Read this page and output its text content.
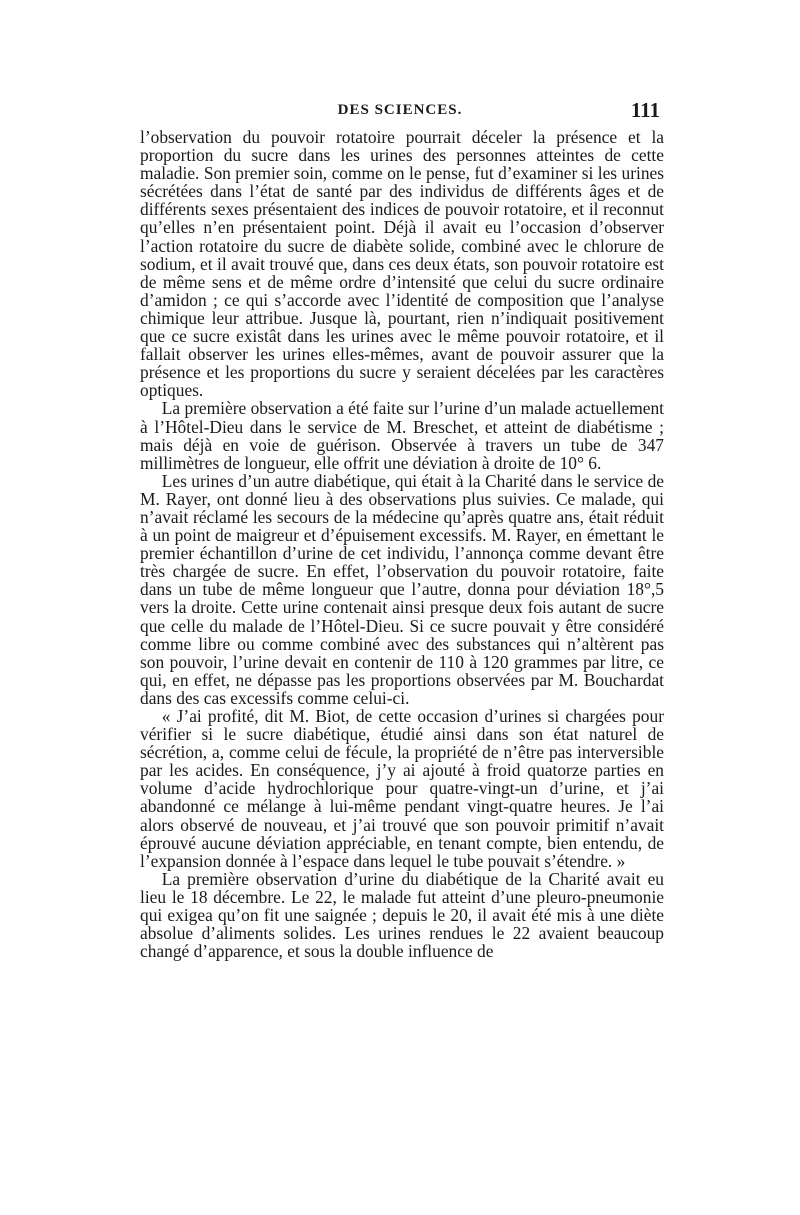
DES SCIENCES.	111

l’observation du pouvoir rotatoire pourrait déceler la présence et la proportion du sucre dans les urines des personnes atteintes de cette maladie. Son premier soin, comme on le pense, fut d’examiner si les urines sécrétées dans l’état de santé par des individus de différents âges et de différents sexes présentaient des indices de pouvoir rotatoire, et il reconnut qu’elles n’en présentaient point. Déjà il avait eu l’occasion d’observer l’action rotatoire du sucre de diabète solide, combiné avec le chlorure de sodium, et il avait trouvé que, dans ces deux états, son pouvoir rotatoire est de même sens et de même ordre d’intensité que celui du sucre ordinaire d’amidon ; ce qui s’accorde avec l’identité de composition que l’analyse chimique leur attribue. Jusque là, pourtant, rien n’indiquait positivement que ce sucre existât dans les urines avec le même pouvoir rotatoire, et il fallait observer les urines elles-mêmes, avant de pouvoir assurer que la présence et les proportions du sucre y seraient décelées par les caractères optiques.

La première observation a été faite sur l’urine d’un malade actuellement à l’Hôtel-Dieu dans le service de M. Breschet, et atteint de diabétisme ; mais déjà en voie de guérison. Observée à travers un tube de 347 millimètres de longueur, elle offrit une déviation à droite de 10° 6.

Les urines d’un autre diabétique, qui était à la Charité dans le service de M. Rayer, ont donné lieu à des observations plus suivies. Ce malade, qui n’avait réclamé les secours de la médecine qu’après quatre ans, était réduit à un point de maigreur et d’épuisement excessifs. M. Rayer, en émettant le premier échantillon d’urine de cet individu, l’annonça comme devant être très chargée de sucre. En effet, l’observation du pouvoir rotatoire, faite dans un tube de même longueur que l’autre, donna pour déviation 18°,5 vers la droite. Cette urine contenait ainsi presque deux fois autant de sucre que celle du malade de l’Hôtel-Dieu. Si ce sucre pouvait y être considéré comme libre ou comme combiné avec des substances qui n’altèrent pas son pouvoir, l’urine devait en contenir de 110 à 120 grammes par litre, ce qui, en effet, ne dépasse pas les proportions observées par M. Bouchardat dans des cas excessifs comme celui-ci.

« J’ai profité, dit M. Biot, de cette occasion d’urines si chargées pour vérifier si le sucre diabétique, étudié ainsi dans son état naturel de sécrétion, a, comme celui de fécule, la propriété de n’être pas interversible par les acides. En conséquence, j’y ai ajouté à froid quatorze parties en volume d’acide hydrochlorique pour quatre-vingt-un d’urine, et j’ai abandonné ce mélange à lui-même pendant vingt-quatre heures. Je l’ai alors observé de nouveau, et j’ai trouvé que son pouvoir primitif n’avait éprouvé aucune déviation appréciable, en tenant compte, bien entendu, de l’expansion donnée à l’espace dans lequel le tube pouvait s’étendre. »

La première observation d’urine du diabétique de la Charité avait eu lieu le 18 décembre. Le 22, le malade fut atteint d’une pleuro-pneumonie qui exigea qu’on fit une saignée ; depuis le 20, il avait été mis à une diète absolue d’aliments solides. Les urines rendues le 22 avaient beaucoup changé d’apparence, et sous la double influence de
